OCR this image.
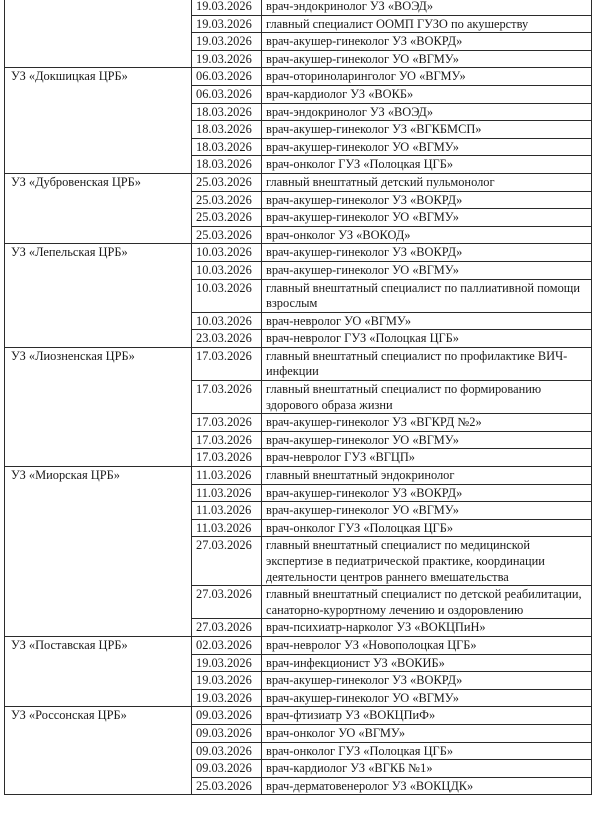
	19.03.2026	врач-эндокринолог УЗ «ВОЭД»
	19.03.2026	главный специалист ООМП ГУЗО по акушерству
	19.03.2026	врач-акушер-гинеколог УЗ «ВОКРД»
	19.03.2026	врач-акушер-гинеколог УО «ВГМУ»
УЗ «Докшицкая ЦРБ»	06.03.2026	врач-оториноларинголог УО «ВГМУ»
	06.03.2026	врач-кардиолог УЗ «ВОКБ»
	18.03.2026	врач-эндокринолог УЗ «ВОЭД»
	18.03.2026	врач-акушер-гинеколог УЗ «ВГКБМСП»
	18.03.2026	врач-акушер-гинеколог УО «ВГМУ»
	18.03.2026	врач-онколог ГУЗ «Полоцкая ЦГБ»
УЗ «Дубровенская ЦРБ»	25.03.2026	главный внештатный детский пульмонолог
	25.03.2026	врач-акушер-гинеколог УЗ «ВОКРД»
	25.03.2026	врач-акушер-гинеколог УО «ВГМУ»
	25.03.2026	врач-онколог УЗ «ВОКОД»
УЗ «Лепельская ЦРБ»	10.03.2026	врач-акушер-гинеколог УЗ «ВОКРД»
	10.03.2026	врач-акушер-гинеколог УО «ВГМУ»
	10.03.2026	главный внештатный специалист по паллиативной помощи взрослым
	10.03.2026	врач-невролог УО «ВГМУ»
	23.03.2026	врач-невролог ГУЗ «Полоцкая ЦГБ»
УЗ «Лиозненская ЦРБ»	17.03.2026	главный внештатный специалист по профилактике ВИЧ-инфекции
	17.03.2026	главный внештатный специалист по формированию здорового образа жизни
	17.03.2026	врач-акушер-гинеколог УЗ «ВГКРД №2»
	17.03.2026	врач-акушер-гинеколог УО «ВГМУ»
	17.03.2026	врач-невролог ГУЗ «ВГЦП»
УЗ «Миорская ЦРБ»	11.03.2026	главный внештатный эндокринолог
	11.03.2026	врач-акушер-гинеколог УЗ «ВОКРД»
	11.03.2026	врач-акушер-гинеколог УО «ВГМУ»
	11.03.2026	врач-онколог ГУЗ «Полоцкая ЦГБ»
	27.03.2026	главный внештатный специалист по медицинской экспертизе в педиатрической практике, координации деятельности центров раннего вмешательства
	27.03.2026	главный внештатный специалист по детской реабилитации, санаторно-курортному лечению и оздоровлению
	27.03.2026	врач-психиатр-нарколог УЗ «ВОКЦПиН»
УЗ «Поставская ЦРБ»	02.03.2026	врач-невролог УЗ «Новополоцкая ЦГБ»
	19.03.2026	врач-инфекционист УЗ «ВОКИБ»
	19.03.2026	врач-акушер-гинеколог УЗ «ВОКРД»
	19.03.2026	врач-акушер-гинеколог УО «ВГМУ»
УЗ «Россонская ЦРБ»	09.03.2026	врач-фтизиатр УЗ «ВОКЦПиФ»
	09.03.2026	врач-онколог УО «ВГМУ»
	09.03.2026	врач-онколог ГУЗ «Полоцкая ЦГБ»
	09.03.2026	врач-кардиолог УЗ «ВГКБ №1»
	25.03.2026	врач-дерматовенеролог УЗ «ВОКЦДК»
